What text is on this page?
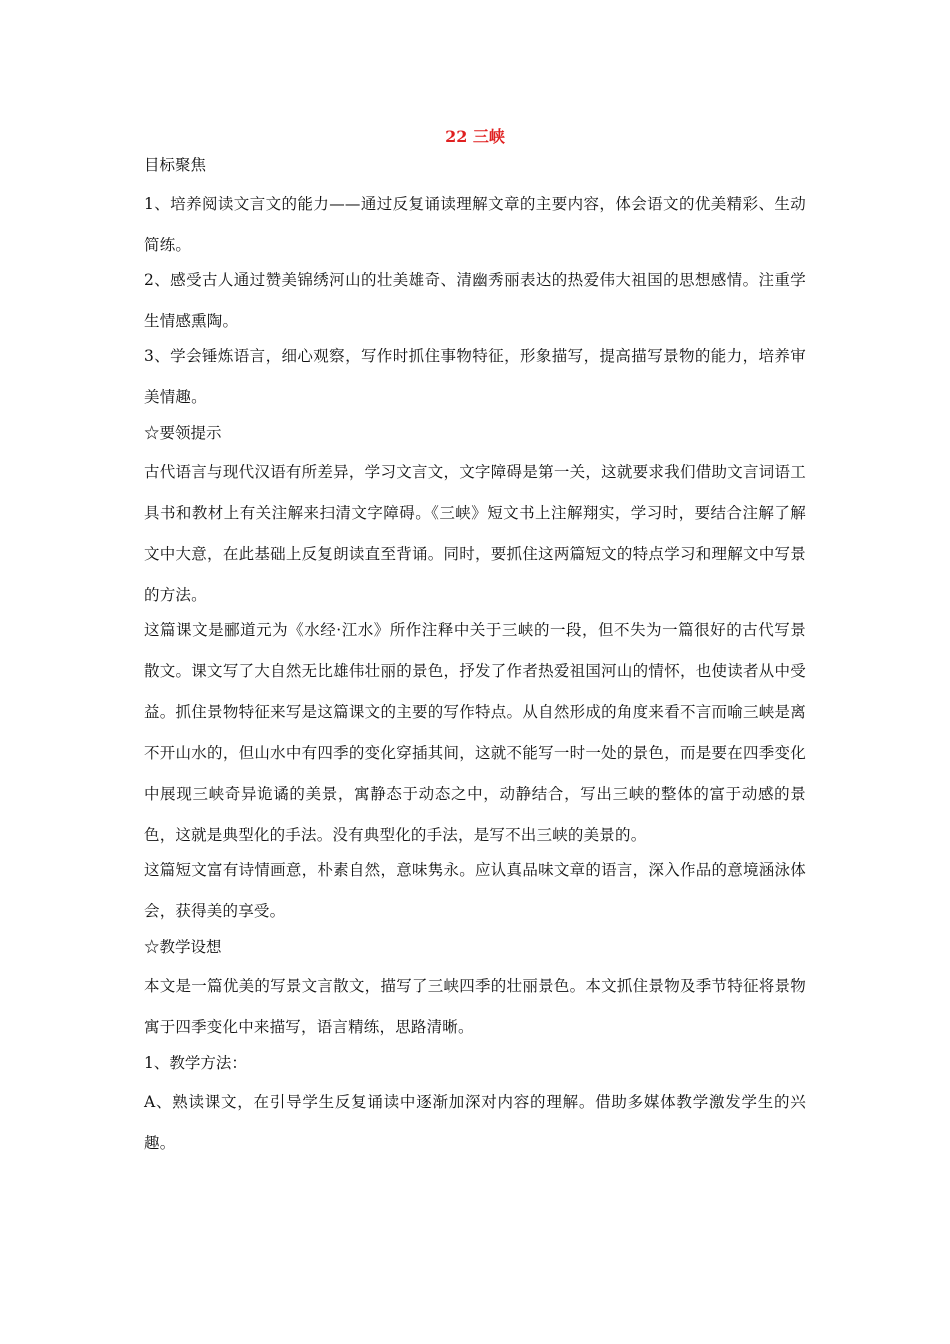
22 三峡
目标聚焦

1、培养阅读文言文的能力——通过反复诵读理解文章的主要内容，体会语文的优美精彩、生动简练。

2、感受古人通过赞美锦绣河山的壮美雄奇、清幽秀丽表达的热爱伟大祖国的思想感情。注重学生情感熏陶。

3、学会锤炼语言，细心观察，写作时抓住事物特征，形象描写，提高描写景物的能力，培养审美情趣。

☆要领提示

古代语言与现代汉语有所差异，学习文言文，文字障碍是第一关，这就要求我们借助文言词语工具书和教材上有关注解来扫清文字障碍。《三峡》短文书上注解翔实，学习时，要结合注解了解文中大意，在此基础上反复朗读直至背诵。同时，要抓住这两篇短文的特点学习和理解文中写景的方法。

这篇课文是郦道元为《水经·江水》所作注释中关于三峡的一段，但不失为一篇很好的古代写景散文。课文写了大自然无比雄伟壮丽的景色，抒发了作者热爱祖国河山的情怀，也使读者从中受益。抓住景物特征来写是这篇课文的主要的写作特点。从自然形成的角度来看不言而喻三峡是离不开山水的，但山水中有四季的变化穿插其间，这就不能写一时一处的景色，而是要在四季变化中展现三峡奇异诡谲的美景，寓静态于动态之中，动静结合，写出三峡的整体的富于动感的景色，这就是典型化的手法。没有典型化的手法，是写不出三峡的美景的。

这篇短文富有诗情画意，朴素自然，意味隽永。应认真品味文章的语言，深入作品的意境涵泳体会，获得美的享受。

☆教学设想

本文是一篇优美的写景文言散文，描写了三峡四季的壮丽景色。本文抓住景物及季节特征将景物寓于四季变化中来描写，语言精练，思路清晰。

1、教学方法：

A、熟读课文，在引导学生反复诵读中逐渐加深对内容的理解。借助多媒体教学激发学生的兴趣。
